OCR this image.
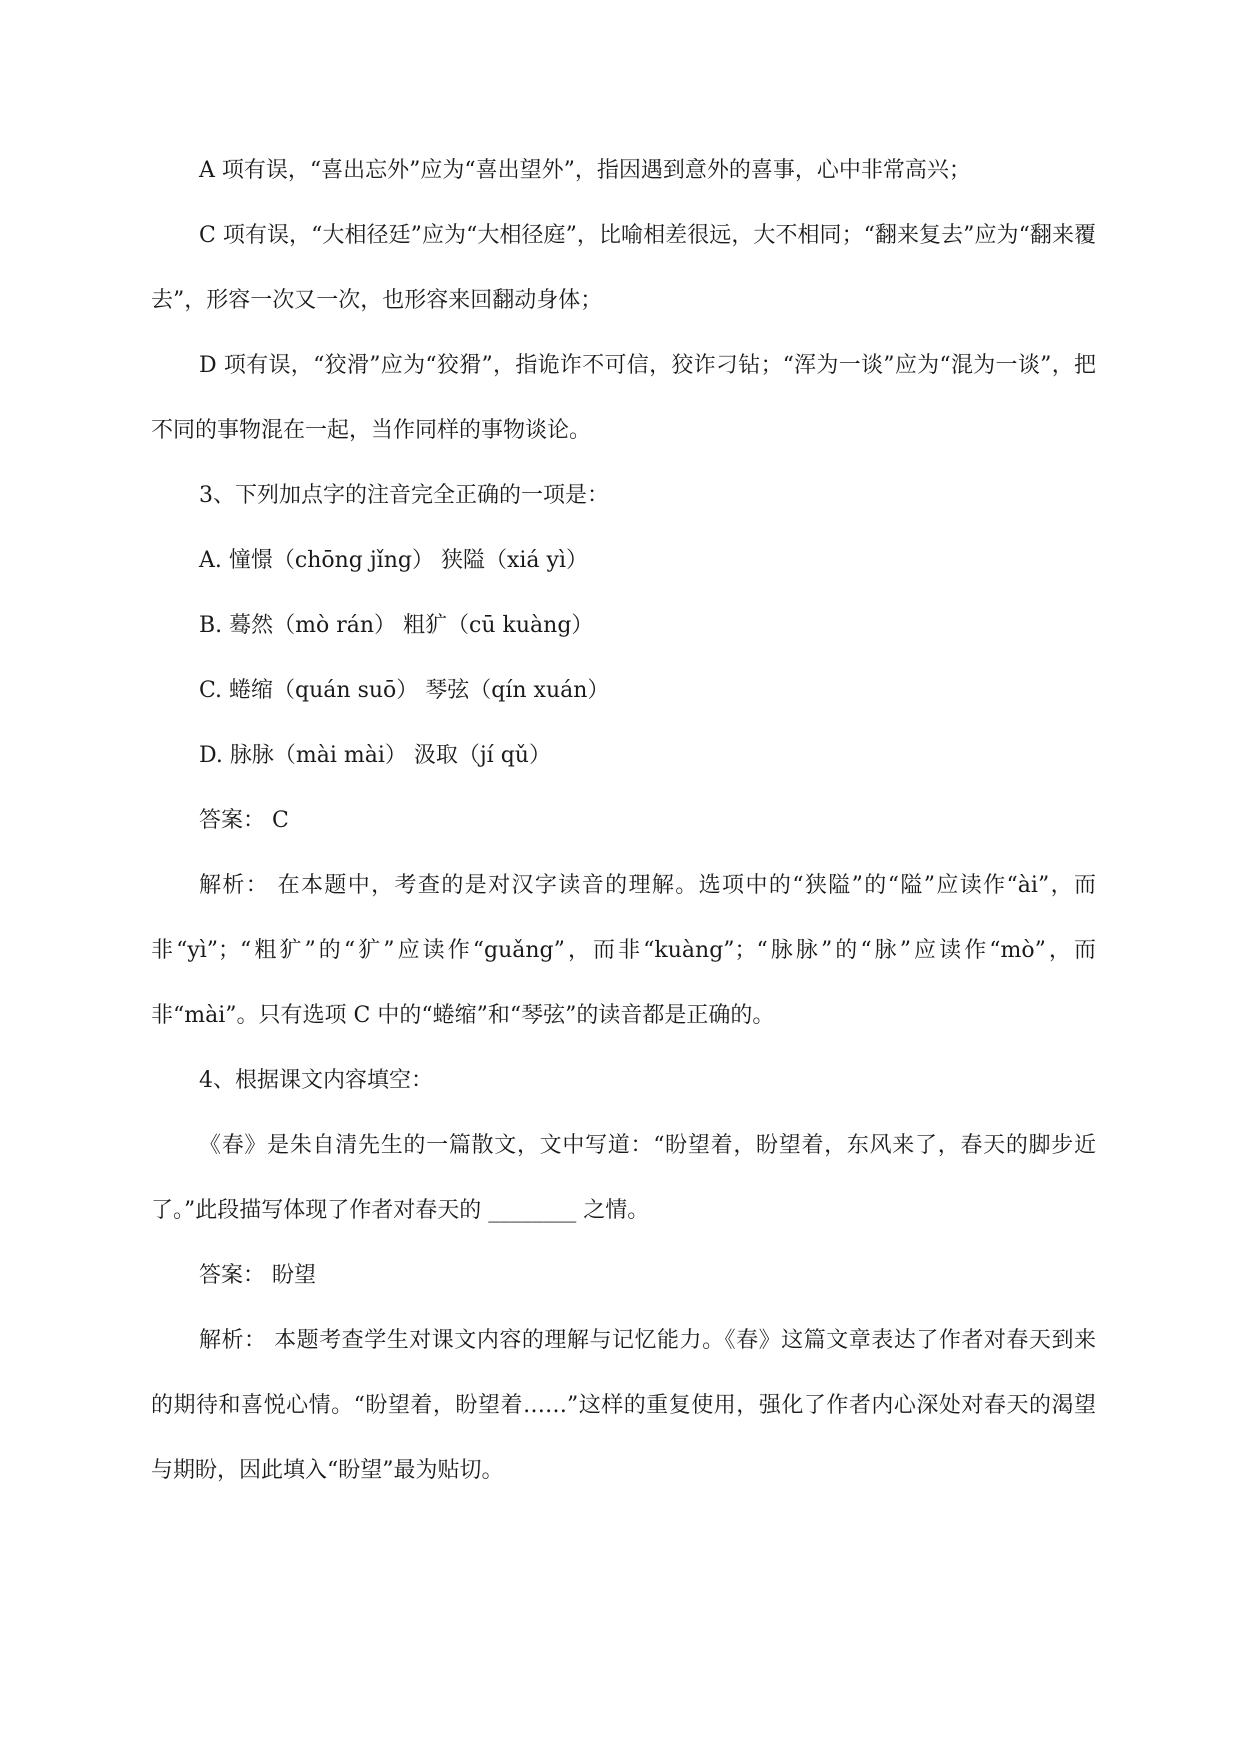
A 项有误，“喜出忘外”应为“喜出望外”，指因遇到意外的喜事，心中非常高兴；

C 项有误，“大相径廷”应为“大相径庭”，比喻相差很远，大不相同；“翻来复去”应为“翻来覆去”，形容一次又一次，也形容来回翻动身体；

D 项有误，“狡滑”应为“狡猾”，指诡诈不可信，狡诈刁钻；“浑为一谈”应为“混为一谈”，把不同的事物混在一起，当作同样的事物谈论。

3、下列加点字的注音完全正确的一项是：

A. 憧憬（chōng jǐng） 狭隘（xiá yì）

B. 蓦然（mò rán） 粗犷（cū kuàng）

C. 蜷缩（quán suō） 琴弦（qín xuán）

D. 脉脉（mài mài） 汲取（jí qǔ）

答案： C

解析： 在本题中，考查的是对汉字读音的理解。选项中的“狭隘”的“隘”应读作“ài”，而非“yì”；“粗犷”的“犷”应读作“guǎng”，而非“kuàng”；“脉脉”的“脉”应读作“mò”，而非“mài”。只有选项 C 中的“蜷缩”和“琴弦”的读音都是正确的。

4、根据课文内容填空：

《春》是朱自清先生的一篇散文，文中写道：“盼望着，盼望着，东风来了，春天的脚步近了。”此段描写体现了作者对春天的 ________ 之情。

答案： 盼望

解析： 本题考查学生对课文内容的理解与记忆能力。《春》这篇文章表达了作者对春天到来的期待和喜悦心情。“盼望着，盼望着……”这样的重复使用，强化了作者内心深处对春天的渴望与期盼，因此填入“盼望”最为贴切。
